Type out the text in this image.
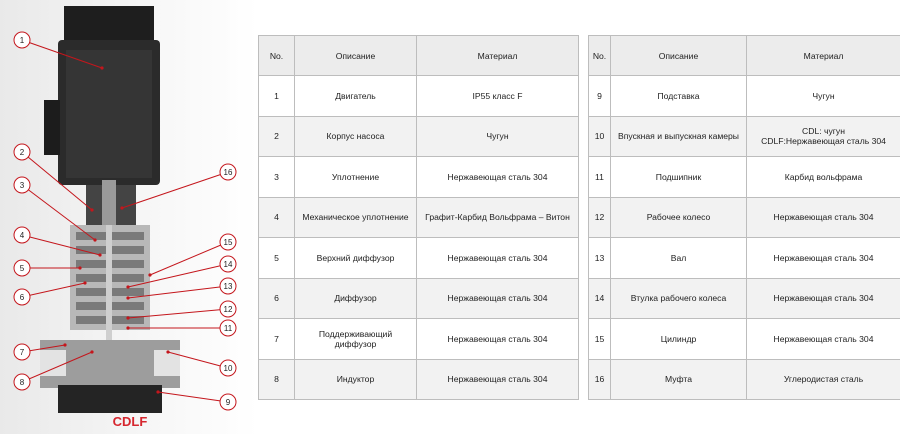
1
2
3
4
5
6
7
8
9
10
11
12
13
14
15
16
CDLF
No.	Описание	Материал
1	Двигатель	IP55 класс F
2	Корпус насоса	Чугун
3	Уплотнение	Нержавеющая сталь 304
4	Механическое уплотнение	Графит-Карбид Вольфрама – Витон
5	Верхний диффузор	Нержавеющая сталь 304
6	Диффузор	Нержавеющая сталь 304
7	Поддерживающий диффузор	Нержавеющая сталь 304
8	Индуктор	Нержавеющая сталь 304
No.	Описание	Материал
9	Подставка	Чугун
10	Впускная и выпускная камеры	CDL: чугун
CDLF:Нержавеющая сталь 304

11	Подшипник	Карбид вольфрама
12	Рабочее колесо	Нержавеющая сталь 304
13	Вал	Нержавеющая сталь 304
14	Втулка рабочего колеса	Нержавеющая сталь 304
15	Цилиндр	Нержавеющая сталь 304
16	Муфта	Углеродистая сталь
